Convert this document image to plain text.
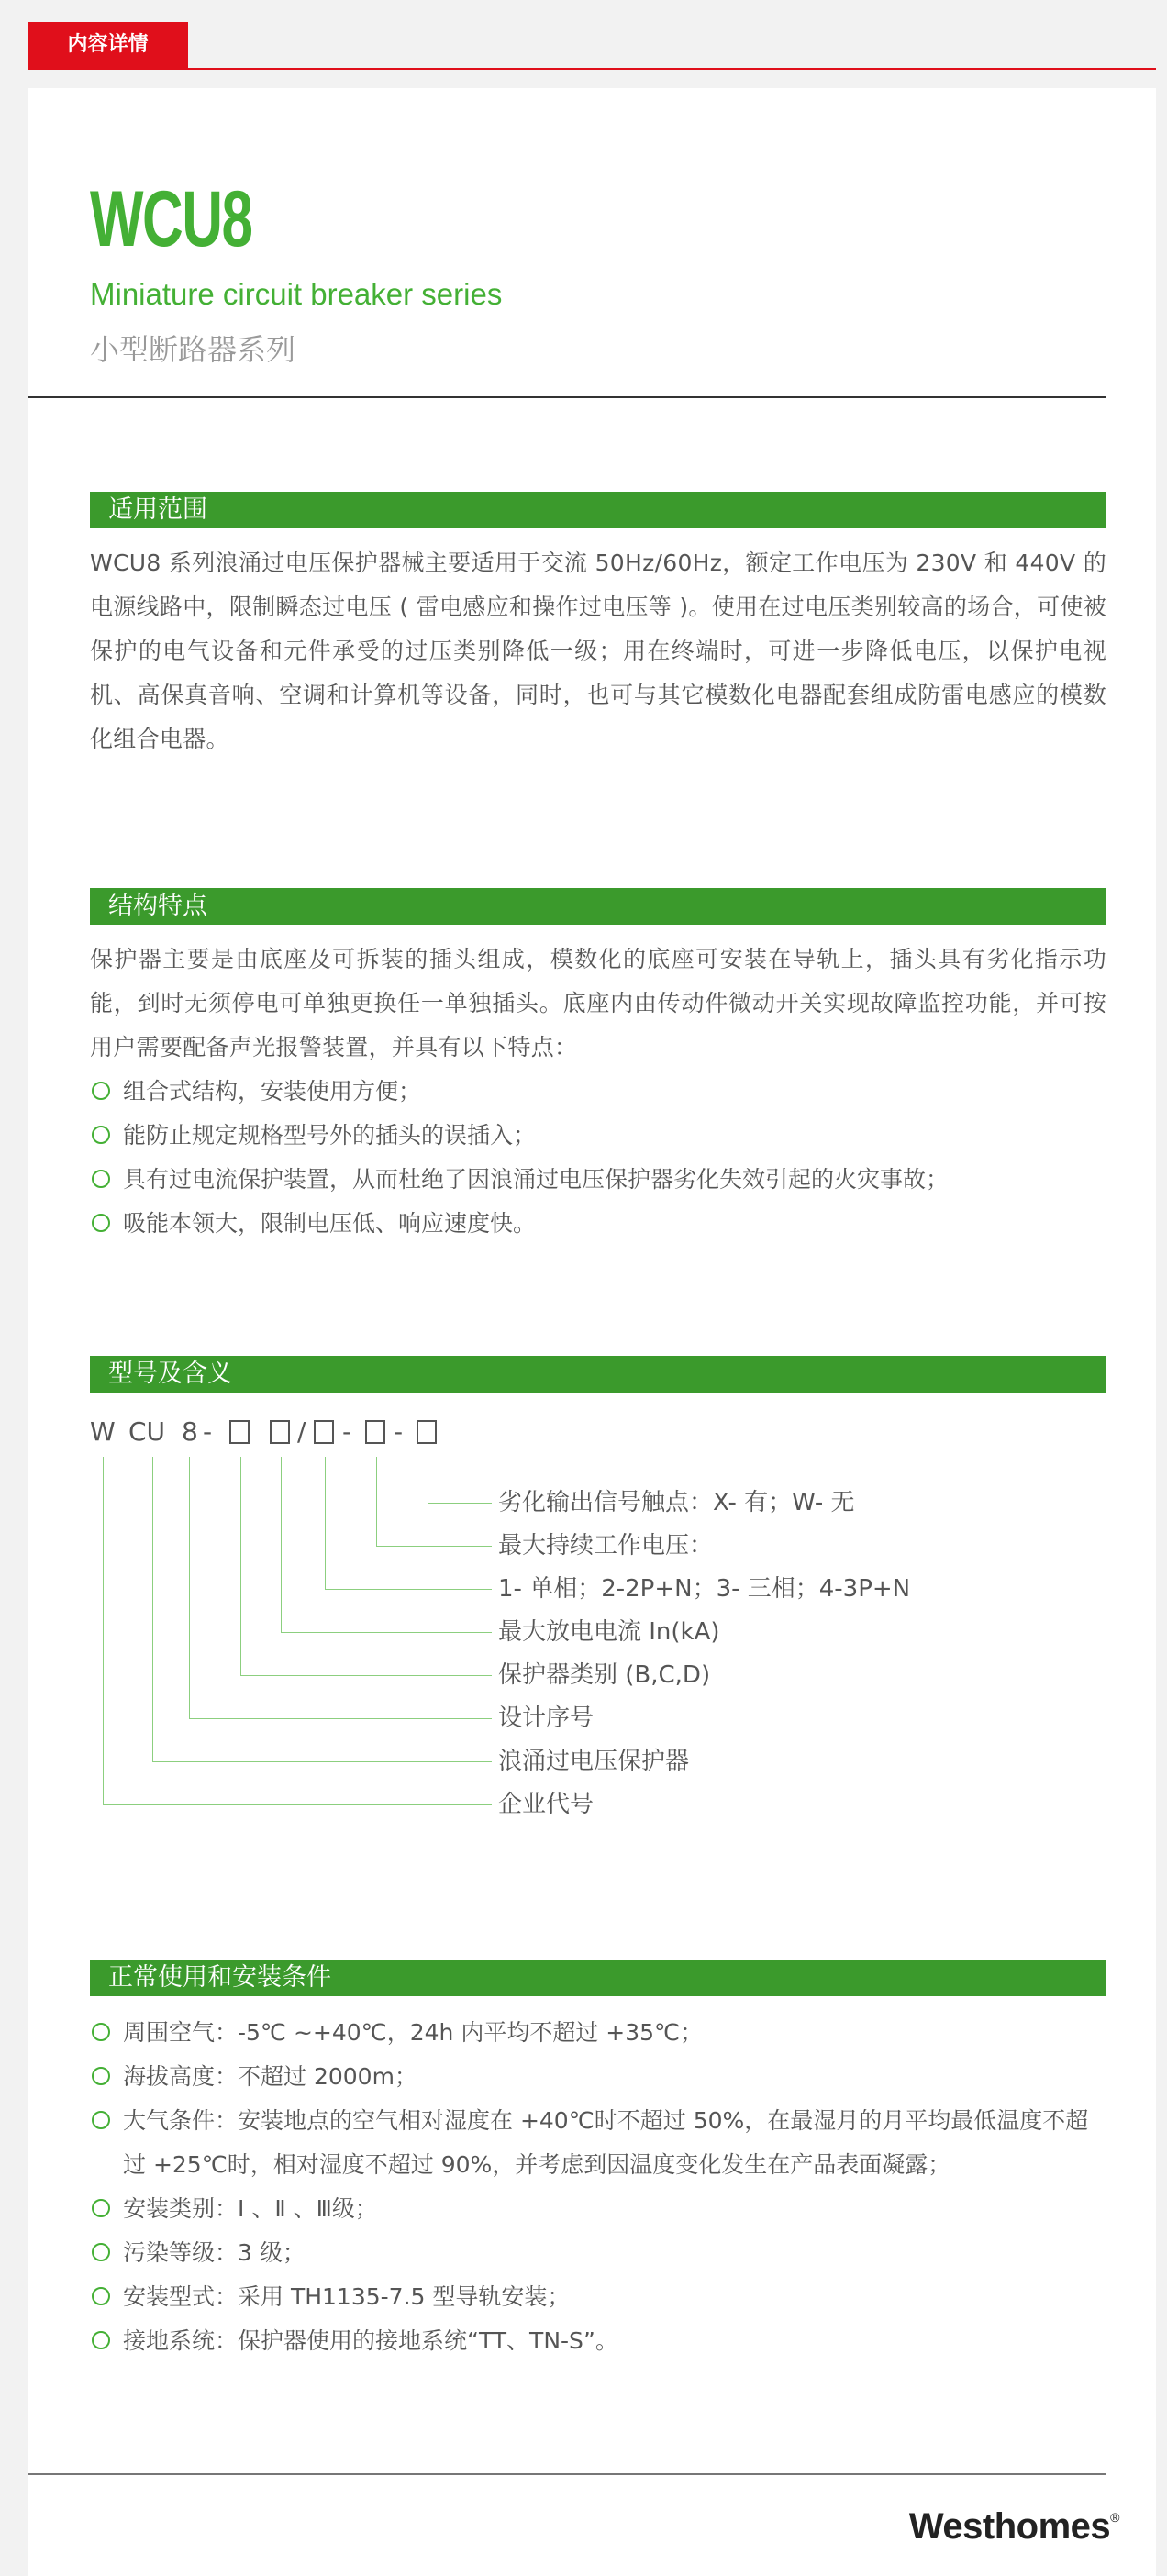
内容详情
WCU8
Miniature circuit breaker series
小型断路器系列
适用范围
WCU8 系列浪涌过电压保护器械主要适用于交流 50Hz/60Hz，额定工作电压为 230V 和 440V 的电源线路中，限制瞬态过电压 ( 雷电感应和操作过电压等 )。使用在过电压类别较高的场合，可使被保护的电气设备和元件承受的过压类别降低一级；用在终端时，可进一步降低电压，以保护电视机、高保真音响、空调和计算机等设备，同时，也可与其它模数化电器配套组成防雷电感应的模数化组合电器。
结构特点
保护器主要是由底座及可拆装的插头组成，模数化的底座可安装在导轨上，插头具有劣化指示功能，到时无须停电可单独更换任一单独插头。底座内由传动件微动开关实现故障监控功能，并可按用户需要配备声光报警装置，并具有以下特点：
组合式结构，安装使用方便；
能防止规定规格型号外的插头的误插入；
具有过电流保护装置，从而杜绝了因浪涌过电压保护器劣化失效引起的火灾事故；
吸能本领大，限制电压低、响应速度快。
型号及含义
W CU 8 -	/ - -
劣化输出信号触点：X- 有；W- 无
最大持续工作电压：
1- 单相；2-2P+N；3- 三相；4-3P+N
最大放电电流 In(kA)
保护器类别 (B,C,D)
设计序号
浪涌过电压保护器
企业代号
正常使用和安装条件
周围空气：-5℃ ~+40℃，24h 内平均不超过 +35℃；
海拔高度：不超过 2000m；
大气条件：安装地点的空气相对湿度在 +40℃时不超过 50%，在最湿月的月平均最低温度不超过 +25℃时，相对湿度不超过 90%，并考虑到因温度变化发生在产品表面凝露；
安装类别：Ⅰ 、Ⅱ 、Ⅲ级；
污染等级：3 级；
安装型式：采用 TH1135-7.5 型导轨安装；
接地系统：保护器使用的接地系统“TT、TN-S”。
Westhomes®
